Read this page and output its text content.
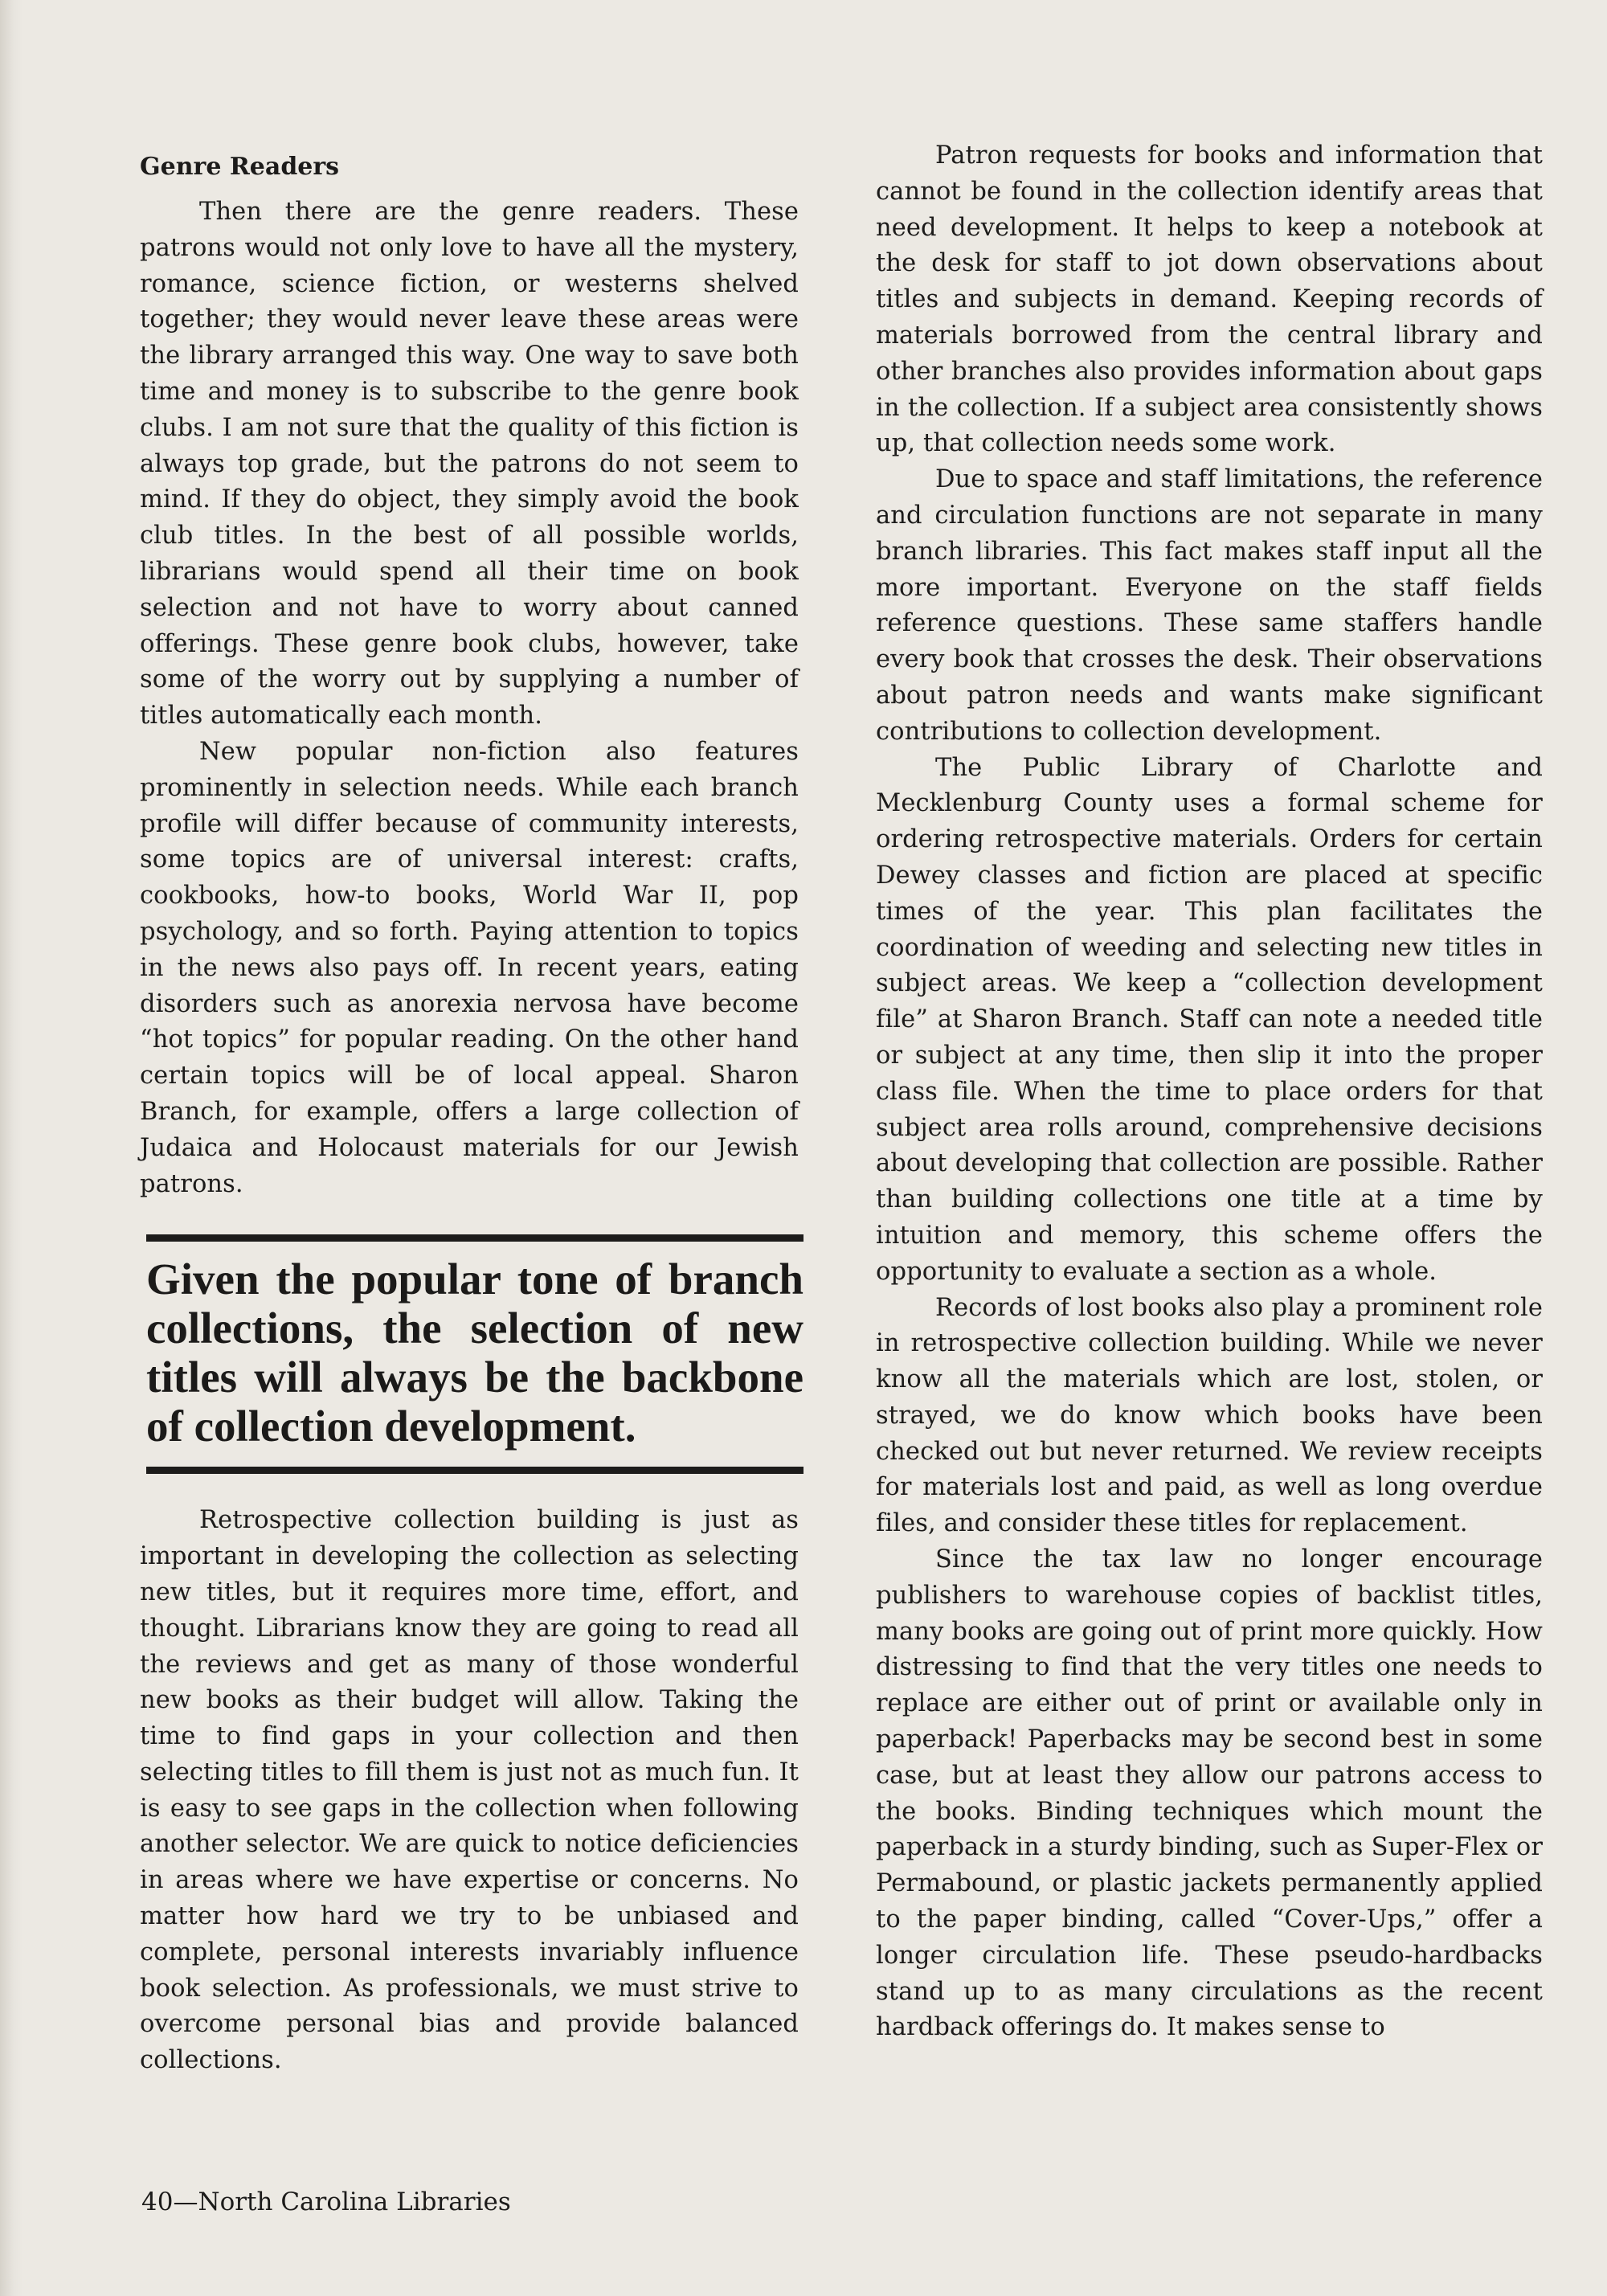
Genre Readers

Then there are the genre readers. These patrons would not only love to have all the mystery, romance, science fiction, or westerns shelved together; they would never leave these areas were the library arranged this way. One way to save both time and money is to subscribe to the genre book clubs. I am not sure that the quality of this fiction is always top grade, but the patrons do not seem to mind. If they do object, they simply avoid the book club titles. In the best of all possible worlds, librarians would spend all their time on book selection and not have to worry about canned offerings. These genre book clubs, however, take some of the worry out by supplying a number of titles automatically each month.

New popular non-fiction also features prominently in selection needs. While each branch profile will differ because of community interests, some topics are of universal interest: crafts, cookbooks, how-to books, World War II, pop psychology, and so forth. Paying attention to topics in the news also pays off. In recent years, eating disorders such as anorexia nervosa have become “hot topics” for popular reading. On the other hand certain topics will be of local appeal. Sharon Branch, for example, offers a large collection of Judaica and Holocaust materials for our Jewish patrons.

Given the popular tone of branch collections, the selection of new titles will always be the backbone of collection development.

Retrospective collection building is just as important in developing the collection as selecting new titles, but it requires more time, effort, and thought. Librarians know they are going to read all the reviews and get as many of those wonderful new books as their budget will allow. Taking the time to find gaps in your collection and then selecting titles to fill them is just not as much fun. It is easy to see gaps in the collection when following another selector. We are quick to notice deficiencies in areas where we have expertise or concerns. No matter how hard we try to be unbiased and complete, personal interests invariably influence book selection. As professionals, we must strive to overcome personal bias and provide balanced collections.

Patron requests for books and information that cannot be found in the collection identify areas that need development. It helps to keep a notebook at the desk for staff to jot down observations about titles and subjects in demand. Keeping records of materials borrowed from the central library and other branches also provides information about gaps in the collection. If a subject area consistently shows up, that collection needs some work.

Due to space and staff limitations, the reference and circulation functions are not separate in many branch libraries. This fact makes staff input all the more important. Everyone on the staff fields reference questions. These same staffers handle every book that crosses the desk. Their observations about patron needs and wants make significant contributions to collection development.

The Public Library of Charlotte and Mecklenburg County uses a formal scheme for ordering retrospective materials. Orders for certain Dewey classes and fiction are placed at specific times of the year. This plan facilitates the coordination of weeding and selecting new titles in subject areas. We keep a “collection development file” at Sharon Branch. Staff can note a needed title or subject at any time, then slip it into the proper class file. When the time to place orders for that subject area rolls around, comprehensive decisions about developing that collection are possible. Rather than building collections one title at a time by intuition and memory, this scheme offers the opportunity to evaluate a section as a whole.

Records of lost books also play a prominent role in retrospective collection building. While we never know all the materials which are lost, stolen, or strayed, we do know which books have been checked out but never returned. We review receipts for materials lost and paid, as well as long overdue files, and consider these titles for replacement.

Since the tax law no longer encourage publishers to warehouse copies of backlist titles, many books are going out of print more quickly. How distressing to find that the very titles one needs to replace are either out of print or available only in paperback! Paperbacks may be second best in some case, but at least they allow our patrons access to the books. Binding techniques which mount the paperback in a sturdy binding, such as Super-Flex or Permabound, or plastic jackets permanently applied to the paper binding, called “Cover-Ups,” offer a longer circulation life. These pseudo-hardbacks stand up to as many circulations as the recent hardback offerings do. It makes sense to

40—North Carolina Libraries
